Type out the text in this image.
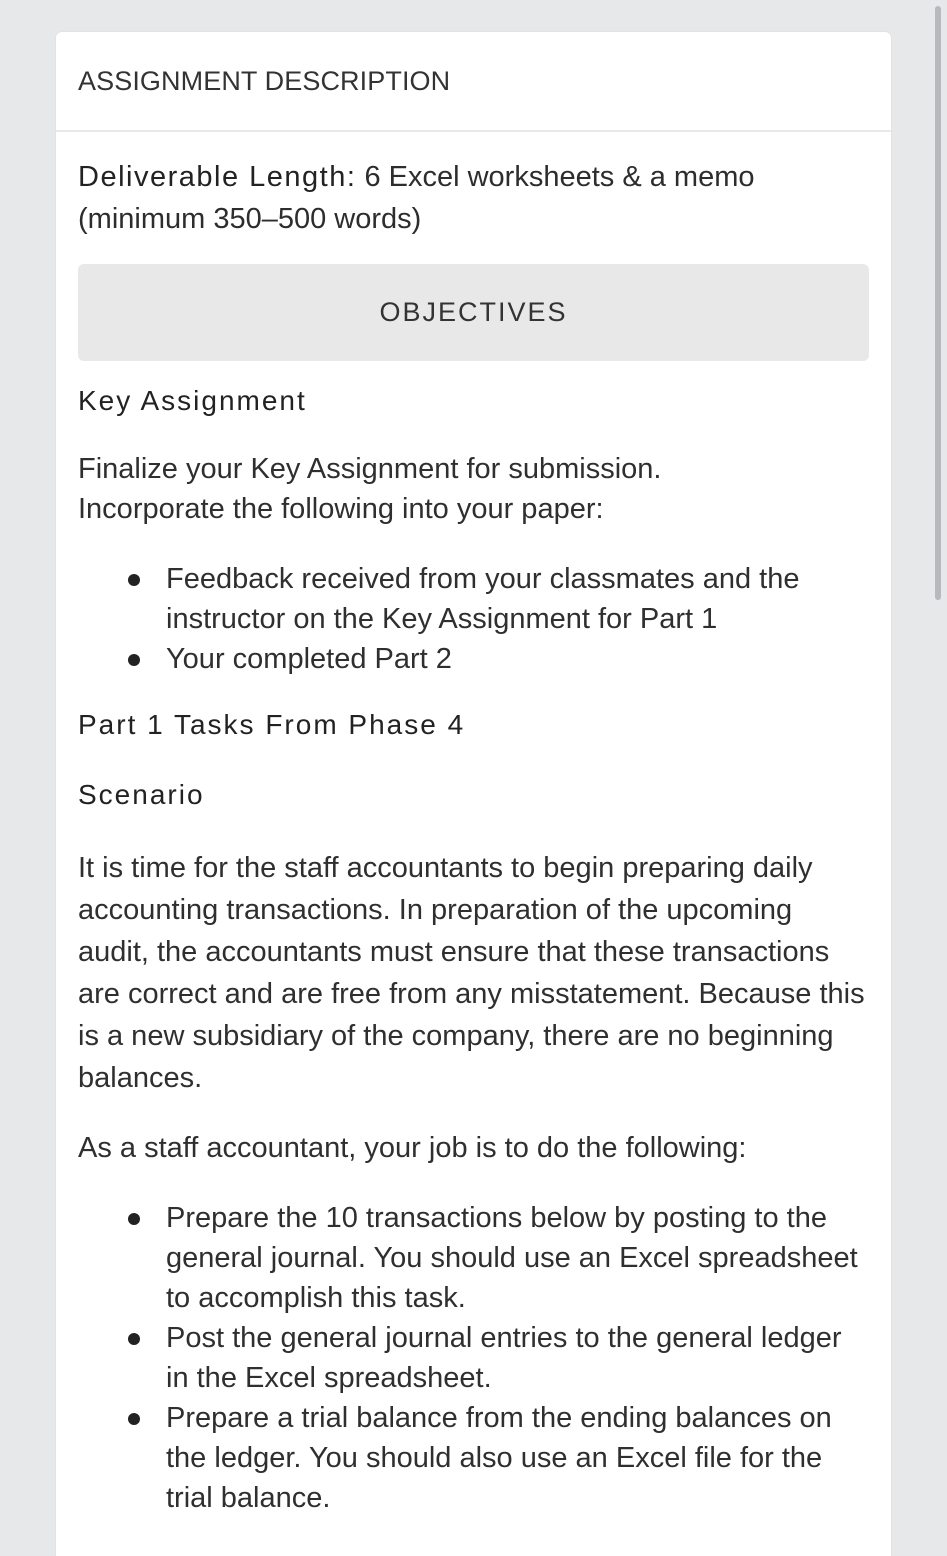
ASSIGNMENT DESCRIPTION

Deliverable Length: 6 Excel worksheets & a memo (minimum 350–500 words)

OBJECTIVES
Key Assignment

Finalize your Key Assignment for submission.
Incorporate the following into your paper:

Feedback received from your classmates and the instructor on the Key Assignment for Part 1
Your completed Part 2
Part 1 Tasks From Phase 4
Scenario

It is time for the staff accountants to begin preparing daily accounting transactions. In preparation of the upcoming audit, the accountants must ensure that these transactions are correct and are free from any misstatement. Because this is a new subsidiary of the company, there are no beginning balances.

As a staff accountant, your job is to do the following:

Prepare the 10 transactions below by posting to the general journal. You should use an Excel spreadsheet to accomplish this task.
Post the general journal entries to the general ledger in the Excel spreadsheet.
Prepare a trial balance from the ending balances on the ledger. You should also use an Excel file for the trial balance.
